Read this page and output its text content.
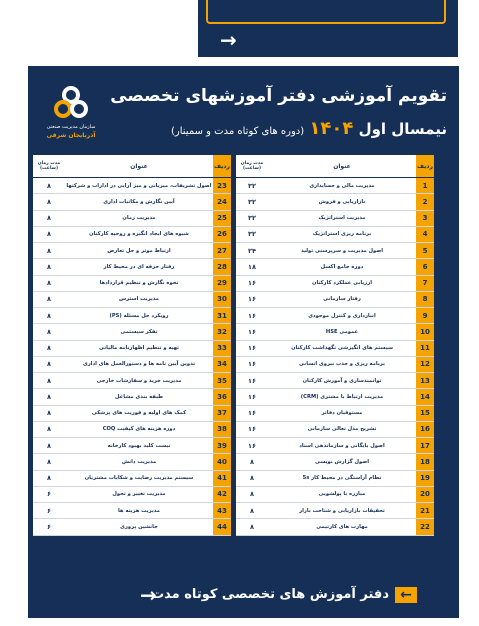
→
سازمان مدیریت صنعتی
آذربایجان شرقی
تقویم آموزشی دفتر آموزشهای تخصصی
نیمسال اول ۱۴۰۴ (دوره های کوتاه مدت و سمینار)
ردیف	عنوان	مدت زمان (ساعت)
1	مدیریت مالی و حسابداری	۳۲
2	بازاریابی و فروش	۳۲
3	مدیریت استراتژیک	۳۲
4	برنامه ریزی استراتژیک	۳۲
5	اصول مدیریت و سرپرستی تولید	۲۴
6	دوره جامع اکسل	۱۸
7	ارزیابی عملکرد کارکنان	۱۶
8	رفتار سازمانی	۱۶
9	انبارداری و کنترل موجودی	۱۶
10	عمومی HSE	۱۶
11	سیستم های انگیزشی نگهداشت کارکنان	۱۶
12	برنامه ریزی و جذب نیروی انسانی	۱۶
13	توانمندسازی و آموزش کارکنان	۱۶
14	مدیریت ارتباط با مشتری (CRM)	۱۶
15	مستوفیان دفاتر	۱۶
16	تشریح مدل تعالی سازمانی	۱۶
17	اصول بایگانی و سازماندهی اسناد	۱۶
18	اصول گزارش نویسی	۸
19	نظام آراستگی در محیط کار 5s	۸
20	مبارزه با پولشویی	۸
21	تحقیقات بازاریابی و شناخت بازار	۸
22	مهارت های کارتیمی	۸
ردیف	عنوان	مدت زمان (ساعت)
23	اصول تشریفات، میزبانی و میز آرایی در ادارات و شرکتها	۸
24	آیین نگارش و مکاتبات اداری	۸
25	مدیریت زمان	۸
26	شیوه های ایجاد انگیزه و روحیه کارکنان	۸
27	ارتباط موثر و حل تعارض	۸
28	رفتار حرفه ای در محیط کار	۸
29	نحوه نگارش و تنظیم قراردادها	۸
30	مدیریت استرس	۸
31	رویکرد حل مسئله (PS)	۸
32	تفکر سیستمی	۸
33	تهیه و تنظیم اظهارنامه مالیاتی	۸
34	تدوین آیین نامه ها و دستورالعمل های اداری	۸
35	مدیریت خرید و سفارشات خارجی	۸
36	طبقه بندی مشاغل	۸
37	کمک های اولیه و فوریت های پزشکی	۸
38	دوره هزینه های کیفیت COQ	۸
39	بیست کلید بهبود کارخانه	۸
40	مدیریت دانش	۸
41	سیستم مدیریت رضایت و شکایات مشتریان	۸
42	مدیریت تغییر و تحول	۶
43	مدیریت هزینه ها	۶
44	جانشین پروری	۶
→
دفتر آموزش های تخصصی کوتاه مدت ←
